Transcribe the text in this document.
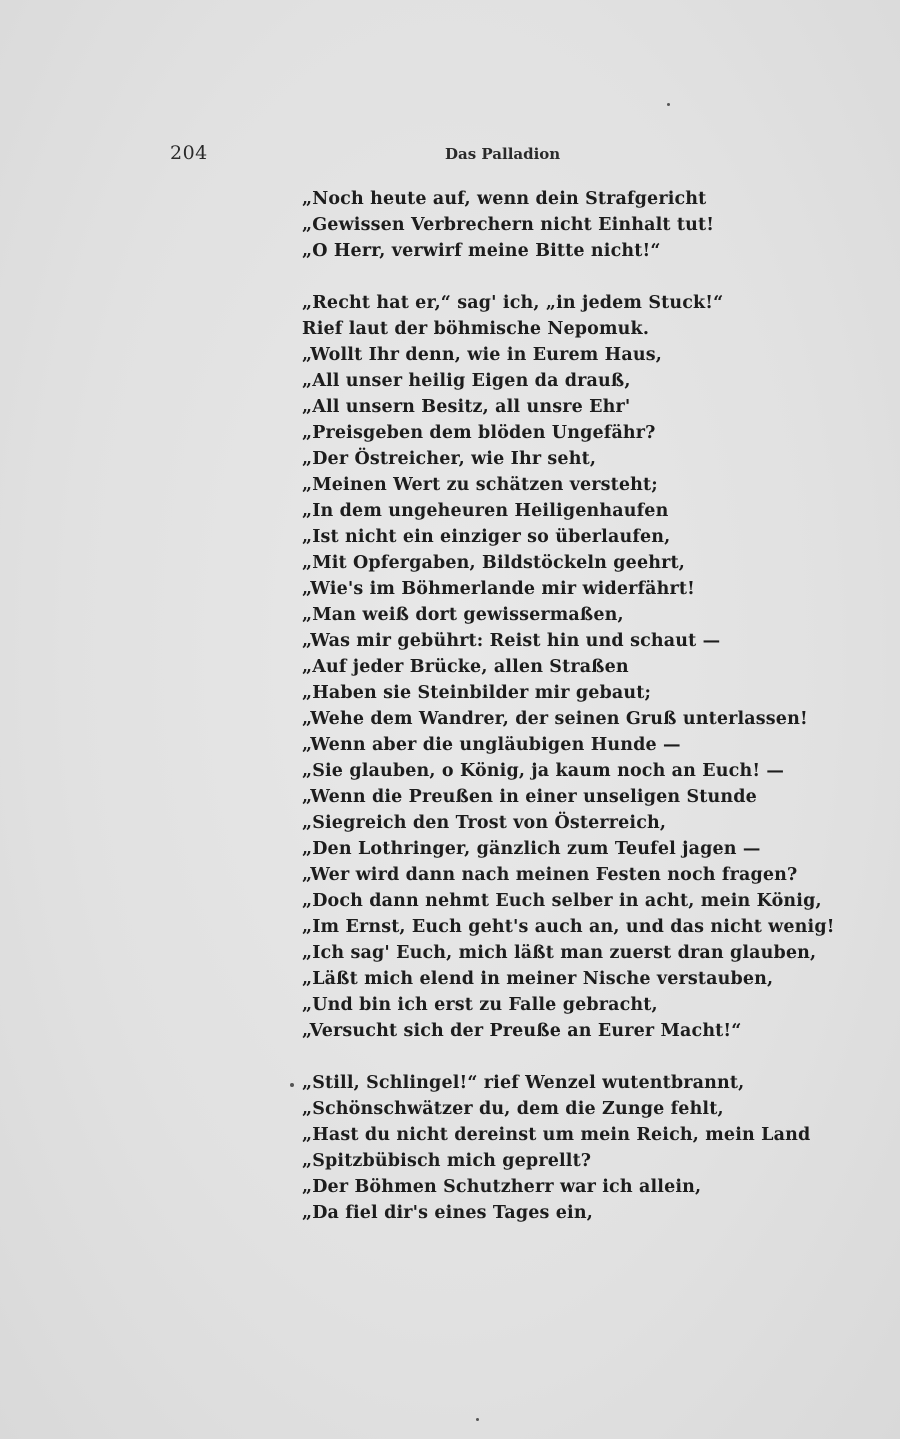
204	Das Palladion
„Noch heute auf, wenn dein Strafgericht
„Gewissen Verbrechern nicht Einhalt tut!
„O Herr, verwirf meine Bitte nicht!“
„Recht hat er,“ sag' ich, „in jedem Stuck!“
Rief laut der böhmische Nepomuk.
„Wollt Ihr denn, wie in Eurem Haus,
„All unser heilig Eigen da drauß,
„All unsern Besitz, all unsre Ehr'
„Preisgeben dem blöden Ungefähr?
„Der Östreicher, wie Ihr seht,
„Meinen Wert zu schätzen versteht;
„In dem ungeheuren Heiligenhaufen
„Ist nicht ein einziger so überlaufen,
„Mit Opfergaben, Bildstöckeln geehrt,
„Wie's im Böhmerlande mir widerfährt!
„Man weiß dort gewissermaßen,
„Was mir gebührt: Reist hin und schaut —
„Auf jeder Brücke, allen Straßen
„Haben sie Steinbilder mir gebaut;
„Wehe dem Wandrer, der seinen Gruß unterlassen!
„Wenn aber die ungläubigen Hunde —
„Sie glauben, o König, ja kaum noch an Euch! —
„Wenn die Preußen in einer unseligen Stunde
„Siegreich den Trost von Österreich,
„Den Lothringer, gänzlich zum Teufel jagen —
„Wer wird dann nach meinen Festen noch fragen?
„Doch dann nehmt Euch selber in acht, mein König,
„Im Ernst, Euch geht's auch an, und das nicht wenig!
„Ich sag' Euch, mich läßt man zuerst dran glauben,
„Läßt mich elend in meiner Nische verstauben,
„Und bin ich erst zu Falle gebracht,
„Versucht sich der Preuße an Eurer Macht!“
„Still, Schlingel!“ rief Wenzel wutentbrannt,
„Schönschwätzer du, dem die Zunge fehlt,
„Hast du nicht dereinst um mein Reich, mein Land
„Spitzbübisch mich geprellt?
„Der Böhmen Schutzherr war ich allein,
„Da fiel dir's eines Tages ein,
